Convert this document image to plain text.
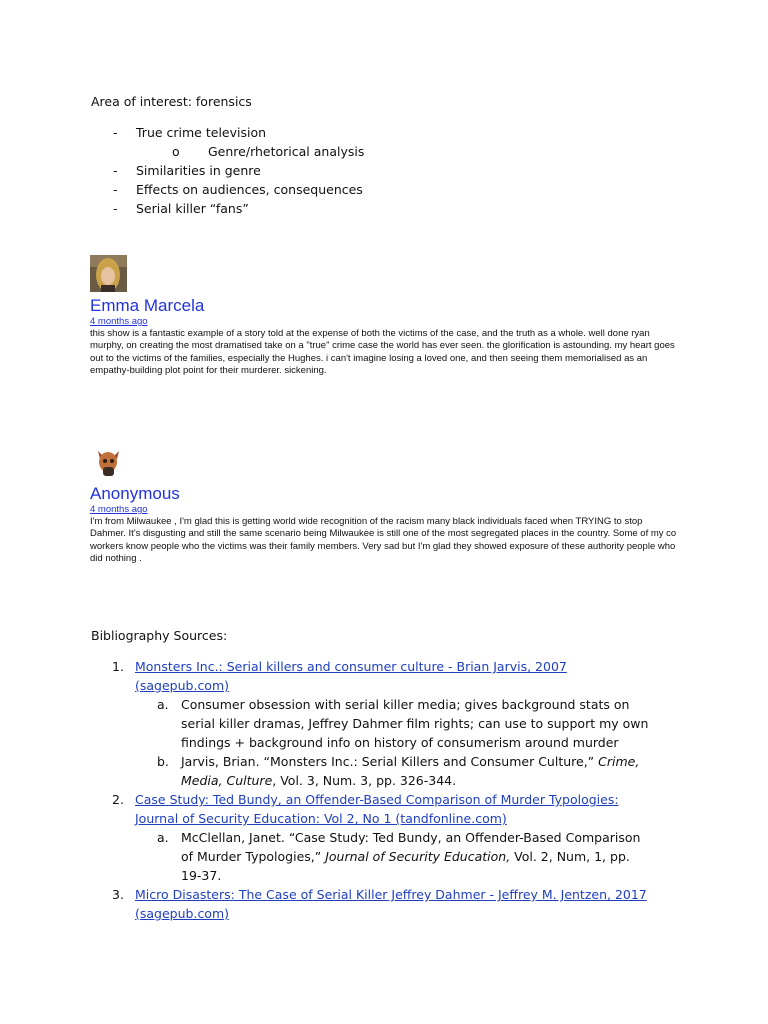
Area of interest: forensics
- True crime television
o Genre/rhetorical analysis
- Similarities in genre
- Effects on audiences, consequences
- Serial killer “fans”
Emma Marcela
4 months ago
this show is a fantastic example of a story told at the expense of both the victims of the case, and the truth as a whole. well done ryan murphy, on creating the most dramatised take on a "true" crime case the world has ever seen. the glorification is astounding. my heart goes out to the victims of the families, especially the Hughes. i can't imagine losing a loved one, and then seeing them memorialised as an empathy-building plot point for their murderer. sickening.
Anonymous
4 months ago
I'm from Milwaukee , I'm glad this is getting world wide recognition of the racism many black individuals faced when TRYING to stop Dahmer. It's disgusting and still the same scenario being Milwaukee is still one of the most segregated places in the country. Some of my co workers know people who the victims was their family members. Very sad but I'm glad they showed exposure of these authority people who did nothing .
Bibliography Sources:
1. Monsters Inc.: Serial killers and consumer culture - Brian Jarvis, 2007 (sagepub.com)
a. Consumer obsession with serial killer media; gives background stats on serial killer dramas, Jeffrey Dahmer film rights; can use to support my own findings + background info on history of consumerism around murder
b. Jarvis, Brian. “Monsters Inc.: Serial Killers and Consumer Culture,” Crime, Media, Culture, Vol. 3, Num. 3, pp. 326-344.
2. Case Study: Ted Bundy, an Offender-Based Comparison of Murder Typologies: Journal of Security Education: Vol 2, No 1 (tandfonline.com)
a. McClellan, Janet. “Case Study: Ted Bundy, an Offender-Based Comparison of Murder Typologies,” Journal of Security Education, Vol. 2, Num, 1, pp. 19-37.
3. Micro Disasters: The Case of Serial Killer Jeffrey Dahmer - Jeffrey M. Jentzen, 2017 (sagepub.com)
